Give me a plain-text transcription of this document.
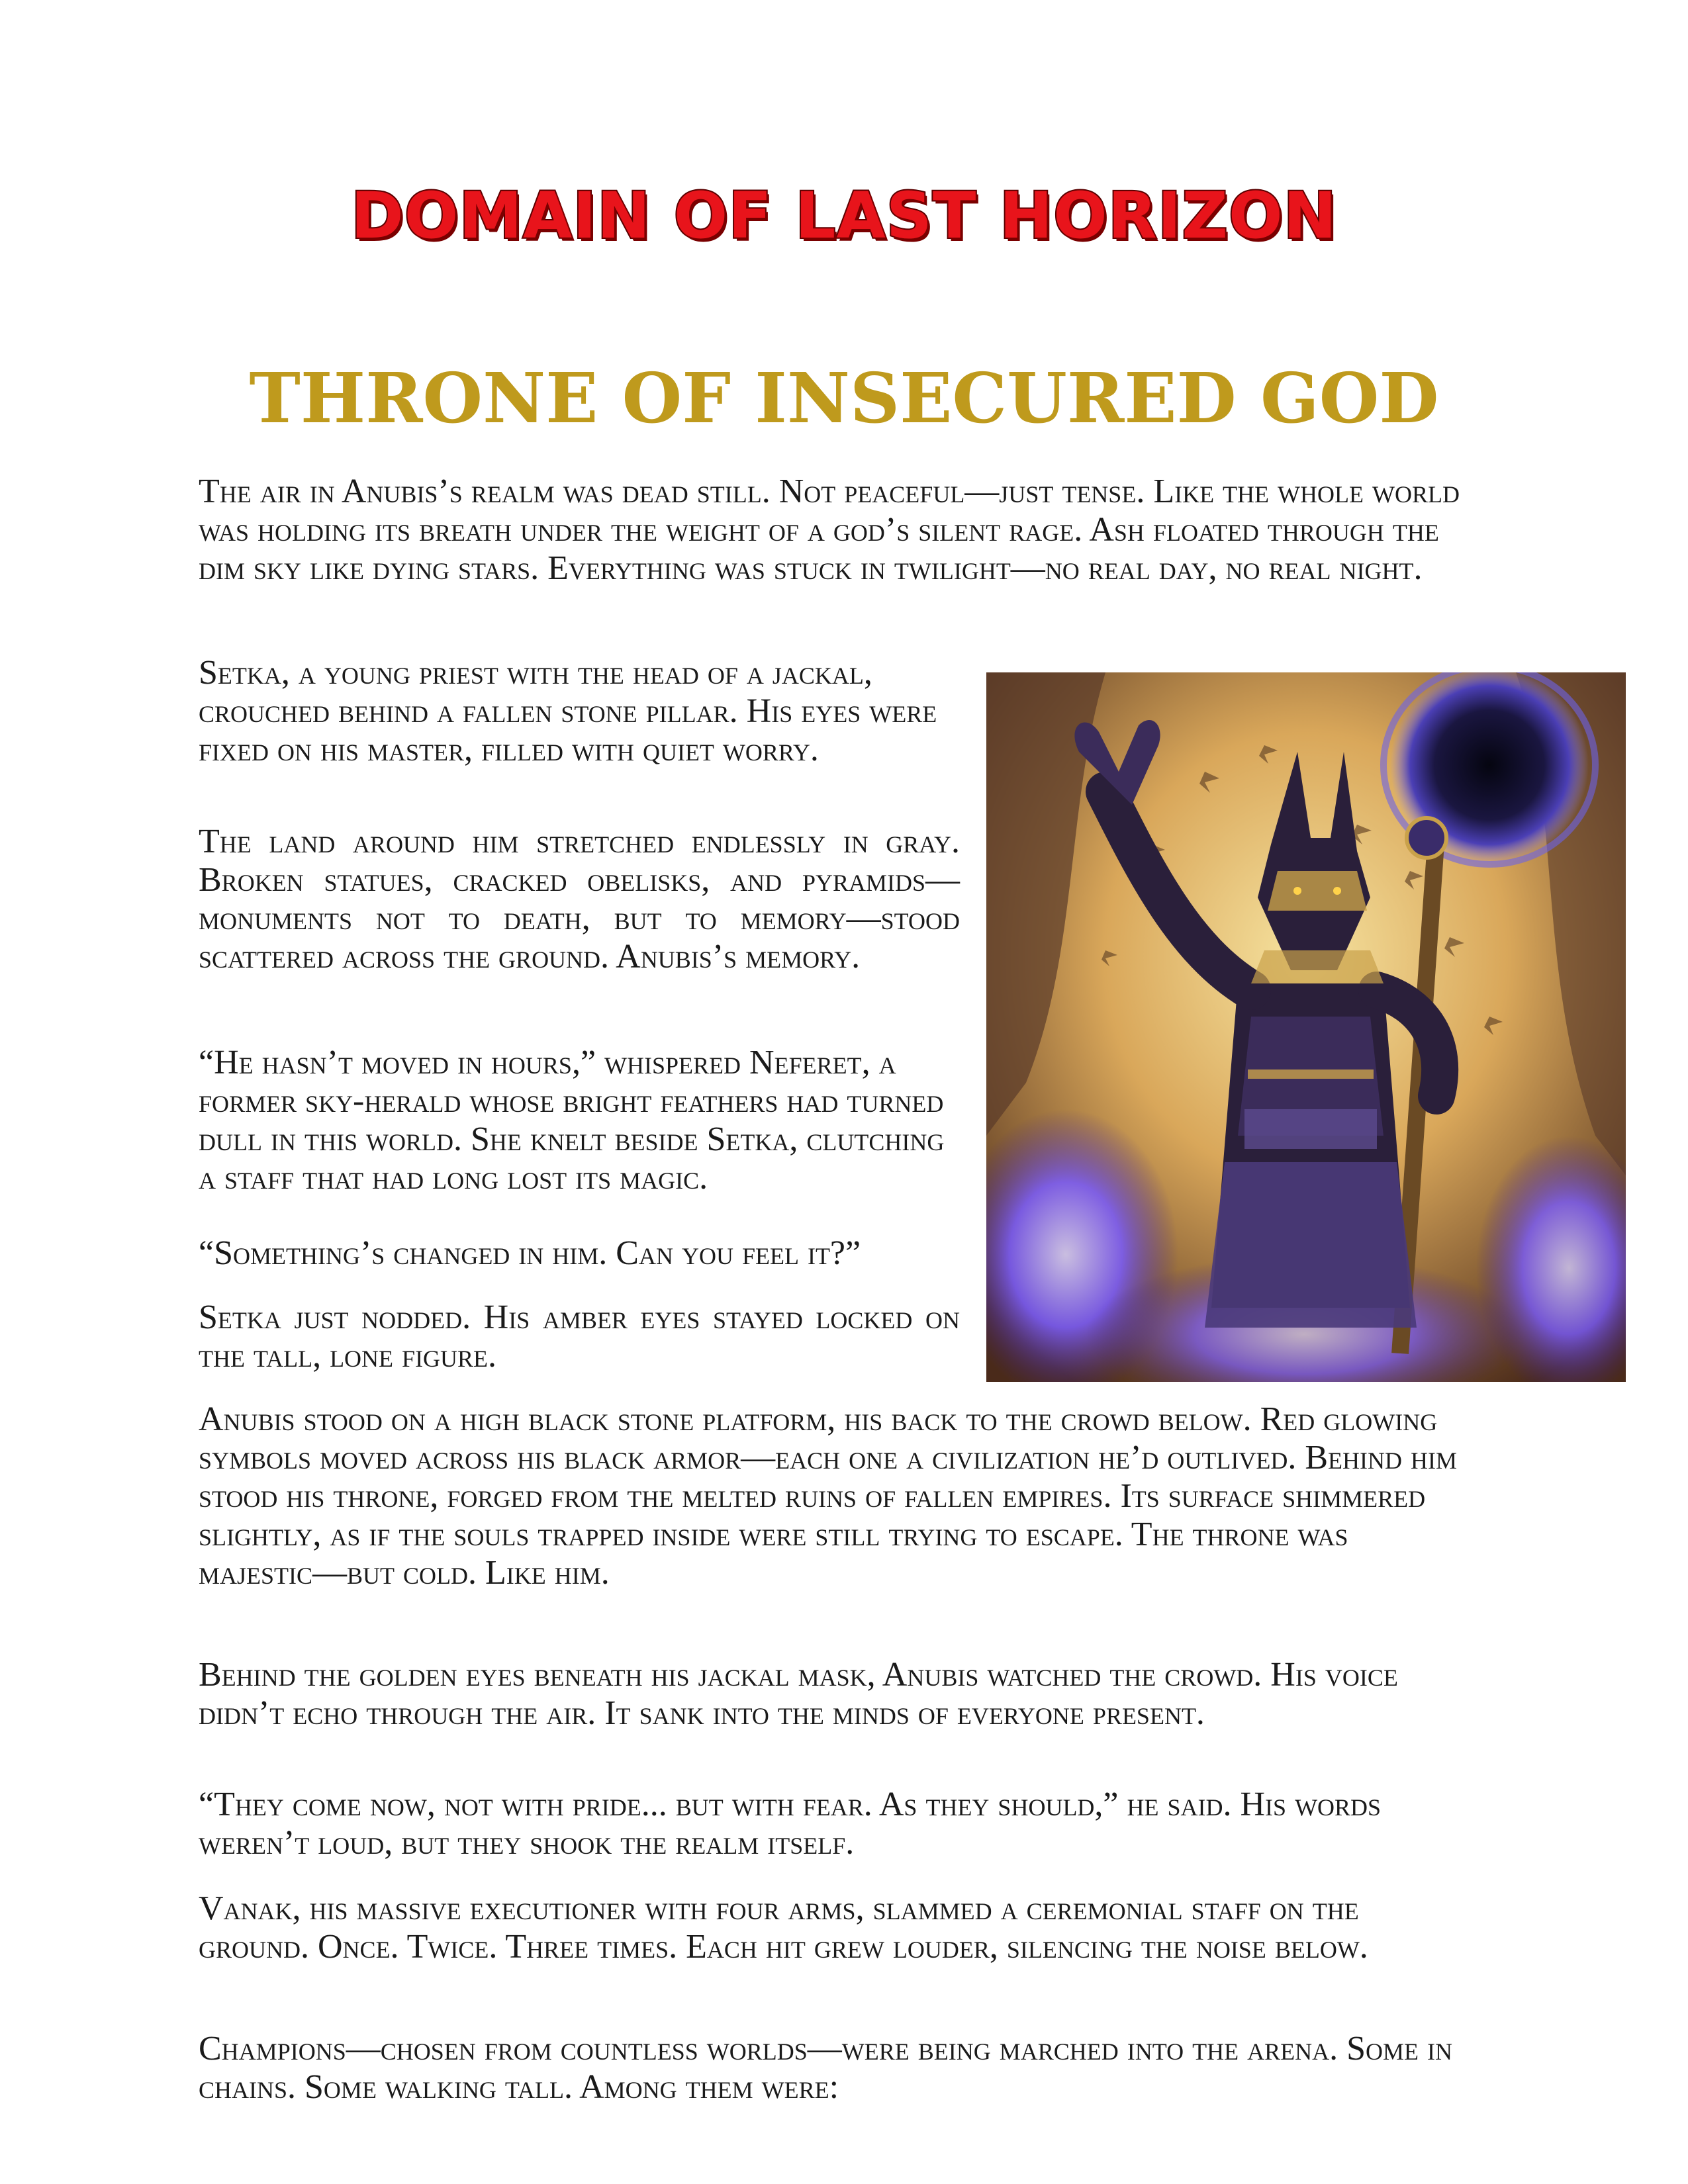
DOMAIN OF LAST HORIZON
THRONE OF INSECURED GOD

The air in Anubis’s realm was dead still. Not peaceful—just tense. Like the whole world was holding its breath under the weight of a god’s silent rage. Ash floated through the dim sky like dying stars. Everything was stuck in twilight—no real day, no real night.

Setka, a young priest with the head of a jackal, crouched behind a fallen stone pillar. His eyes were fixed on his master, filled with quiet worry.

The land around him stretched endlessly in gray. Broken statues, cracked obelisks, and pyramids— monuments not to death, but to memory—stood scattered across the ground. Anubis’s memory.

“He hasn’t moved in hours,” whispered Neferet, a former sky-herald whose bright feathers had turned dull in this world. She knelt beside Setka, clutching a staff that had long lost its magic.

“Something’s changed in him. Can you feel it?”

Setka just nodded. His amber eyes stayed locked on the tall, lone figure.

Anubis stood on a high black stone platform, his back to the crowd below. Red glowing symbols moved across his black armor—each one a civilization he’d outlived. Behind him stood his throne, forged from the melted ruins of fallen empires. Its surface shimmered slightly, as if the souls trapped inside were still trying to escape. The throne was majestic—but cold. Like him.

Behind the golden eyes beneath his jackal mask, Anubis watched the crowd. His voice didn’t echo through the air. It sank into the minds of everyone present.

“They come now, not with pride... but with fear. As they should,” he said. His words weren’t loud, but they shook the realm itself.

Vanak, his massive executioner with four arms, slammed a ceremonial staff on the ground. Once. Twice. Three times. Each hit grew louder, silencing the noise below.

Champions—chosen from countless worlds—were being marched into the arena. Some in chains. Some walking tall. Among them were:
